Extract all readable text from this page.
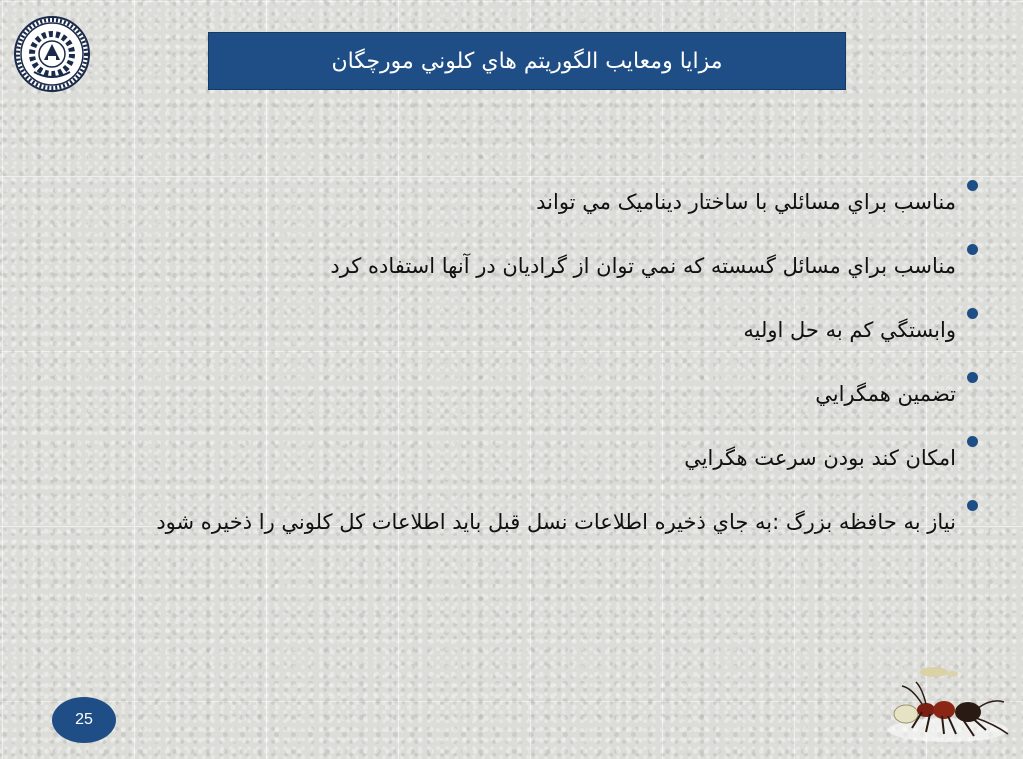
مزايا ومعايب الگوريتم هاي کلوني مورچگان
مناسب براي مسائلي با ساختار ديناميک مي تواند
مناسب براي مسائل گسسته که نمي توان از گراديان در آنها استفاده کرد
وابستگي کم به حل اوليه
تضمين همگرايي
امکان کند بودن سرعت هگرايي
نياز به حافظه بزرگ :به جاي ذخيره اطلاعات نسل قبل بايد اطلاعات کل کلوني را ذخيره شود
25
